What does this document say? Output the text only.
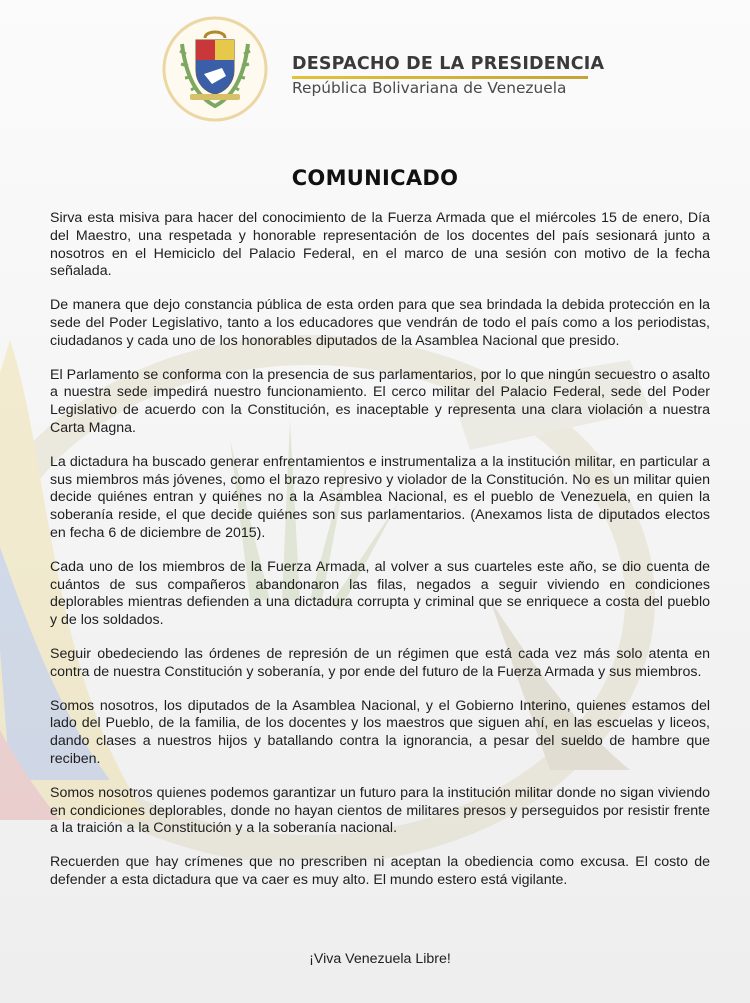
DESPACHO DE LA PRESIDENCIA
República Bolivariana de Venezuela
COMUNICADO

Sirva esta misiva para hacer del conocimiento de la Fuerza Armada que el miércoles 15 de enero, Día del Maestro, una respetada y honorable representación de los docentes del país sesionará junto a nosotros en el Hemiciclo del Palacio Federal, en el marco de una sesión con motivo de la fecha señalada.

De manera que dejo constancia pública de esta orden para que sea brindada la debida protección en la sede del Poder Legislativo, tanto a los educadores que vendrán de todo el país como a los periodistas, ciudadanos y cada uno de los honorables diputados de la Asamblea Nacional que presido.

El Parlamento se conforma con la presencia de sus parlamentarios, por lo que ningún secuestro o asalto a nuestra sede impedirá nuestro funcionamiento. El cerco militar del Palacio Federal, sede del Poder Legislativo de acuerdo con la Constitución, es inaceptable y representa una clara violación a nuestra Carta Magna.

La dictadura ha buscado generar enfrentamientos e instrumentaliza a la institución militar, en particular a sus miembros más jóvenes, como el brazo represivo y violador de la Constitución. No es un militar quien decide quiénes entran y quiénes no a la Asamblea Nacional, es el pueblo de Venezuela, en quien la soberanía reside, el que decide quiénes son sus parlamentarios. (Anexamos lista de diputados electos en fecha 6 de diciembre de 2015).

Cada uno de los miembros de la Fuerza Armada, al volver a sus cuarteles este año, se dio cuenta de cuántos de sus compañeros abandonaron las filas, negados a seguir viviendo en condiciones deplorables mientras defienden a una dictadura corrupta y criminal que se enriquece a costa del pueblo y de los soldados.

Seguir obedeciendo las órdenes de represión de un régimen que está cada vez más solo atenta en contra de nuestra Constitución y soberanía, y por ende del futuro de la Fuerza Armada y sus miembros.

Somos nosotros, los diputados de la Asamblea Nacional, y el Gobierno Interino, quienes estamos del lado del Pueblo, de la familia, de los docentes y los maestros que siguen ahí, en las escuelas y liceos, dando clases a nuestros hijos y batallando contra la ignorancia, a pesar del sueldo de hambre que reciben.

Somos nosotros quienes podemos garantizar un futuro para la institución militar donde no sigan viviendo en condiciones deplorables, donde no hayan cientos de militares presos y perseguidos por resistir frente a la traición a la Constitución y a la soberanía nacional.

Recuerden que hay crímenes que no prescriben ni aceptan la obediencia como excusa. El costo de defender a esta dictadura que va caer es muy alto. El mundo estero está vigilante.

¡Viva Venezuela Libre!
